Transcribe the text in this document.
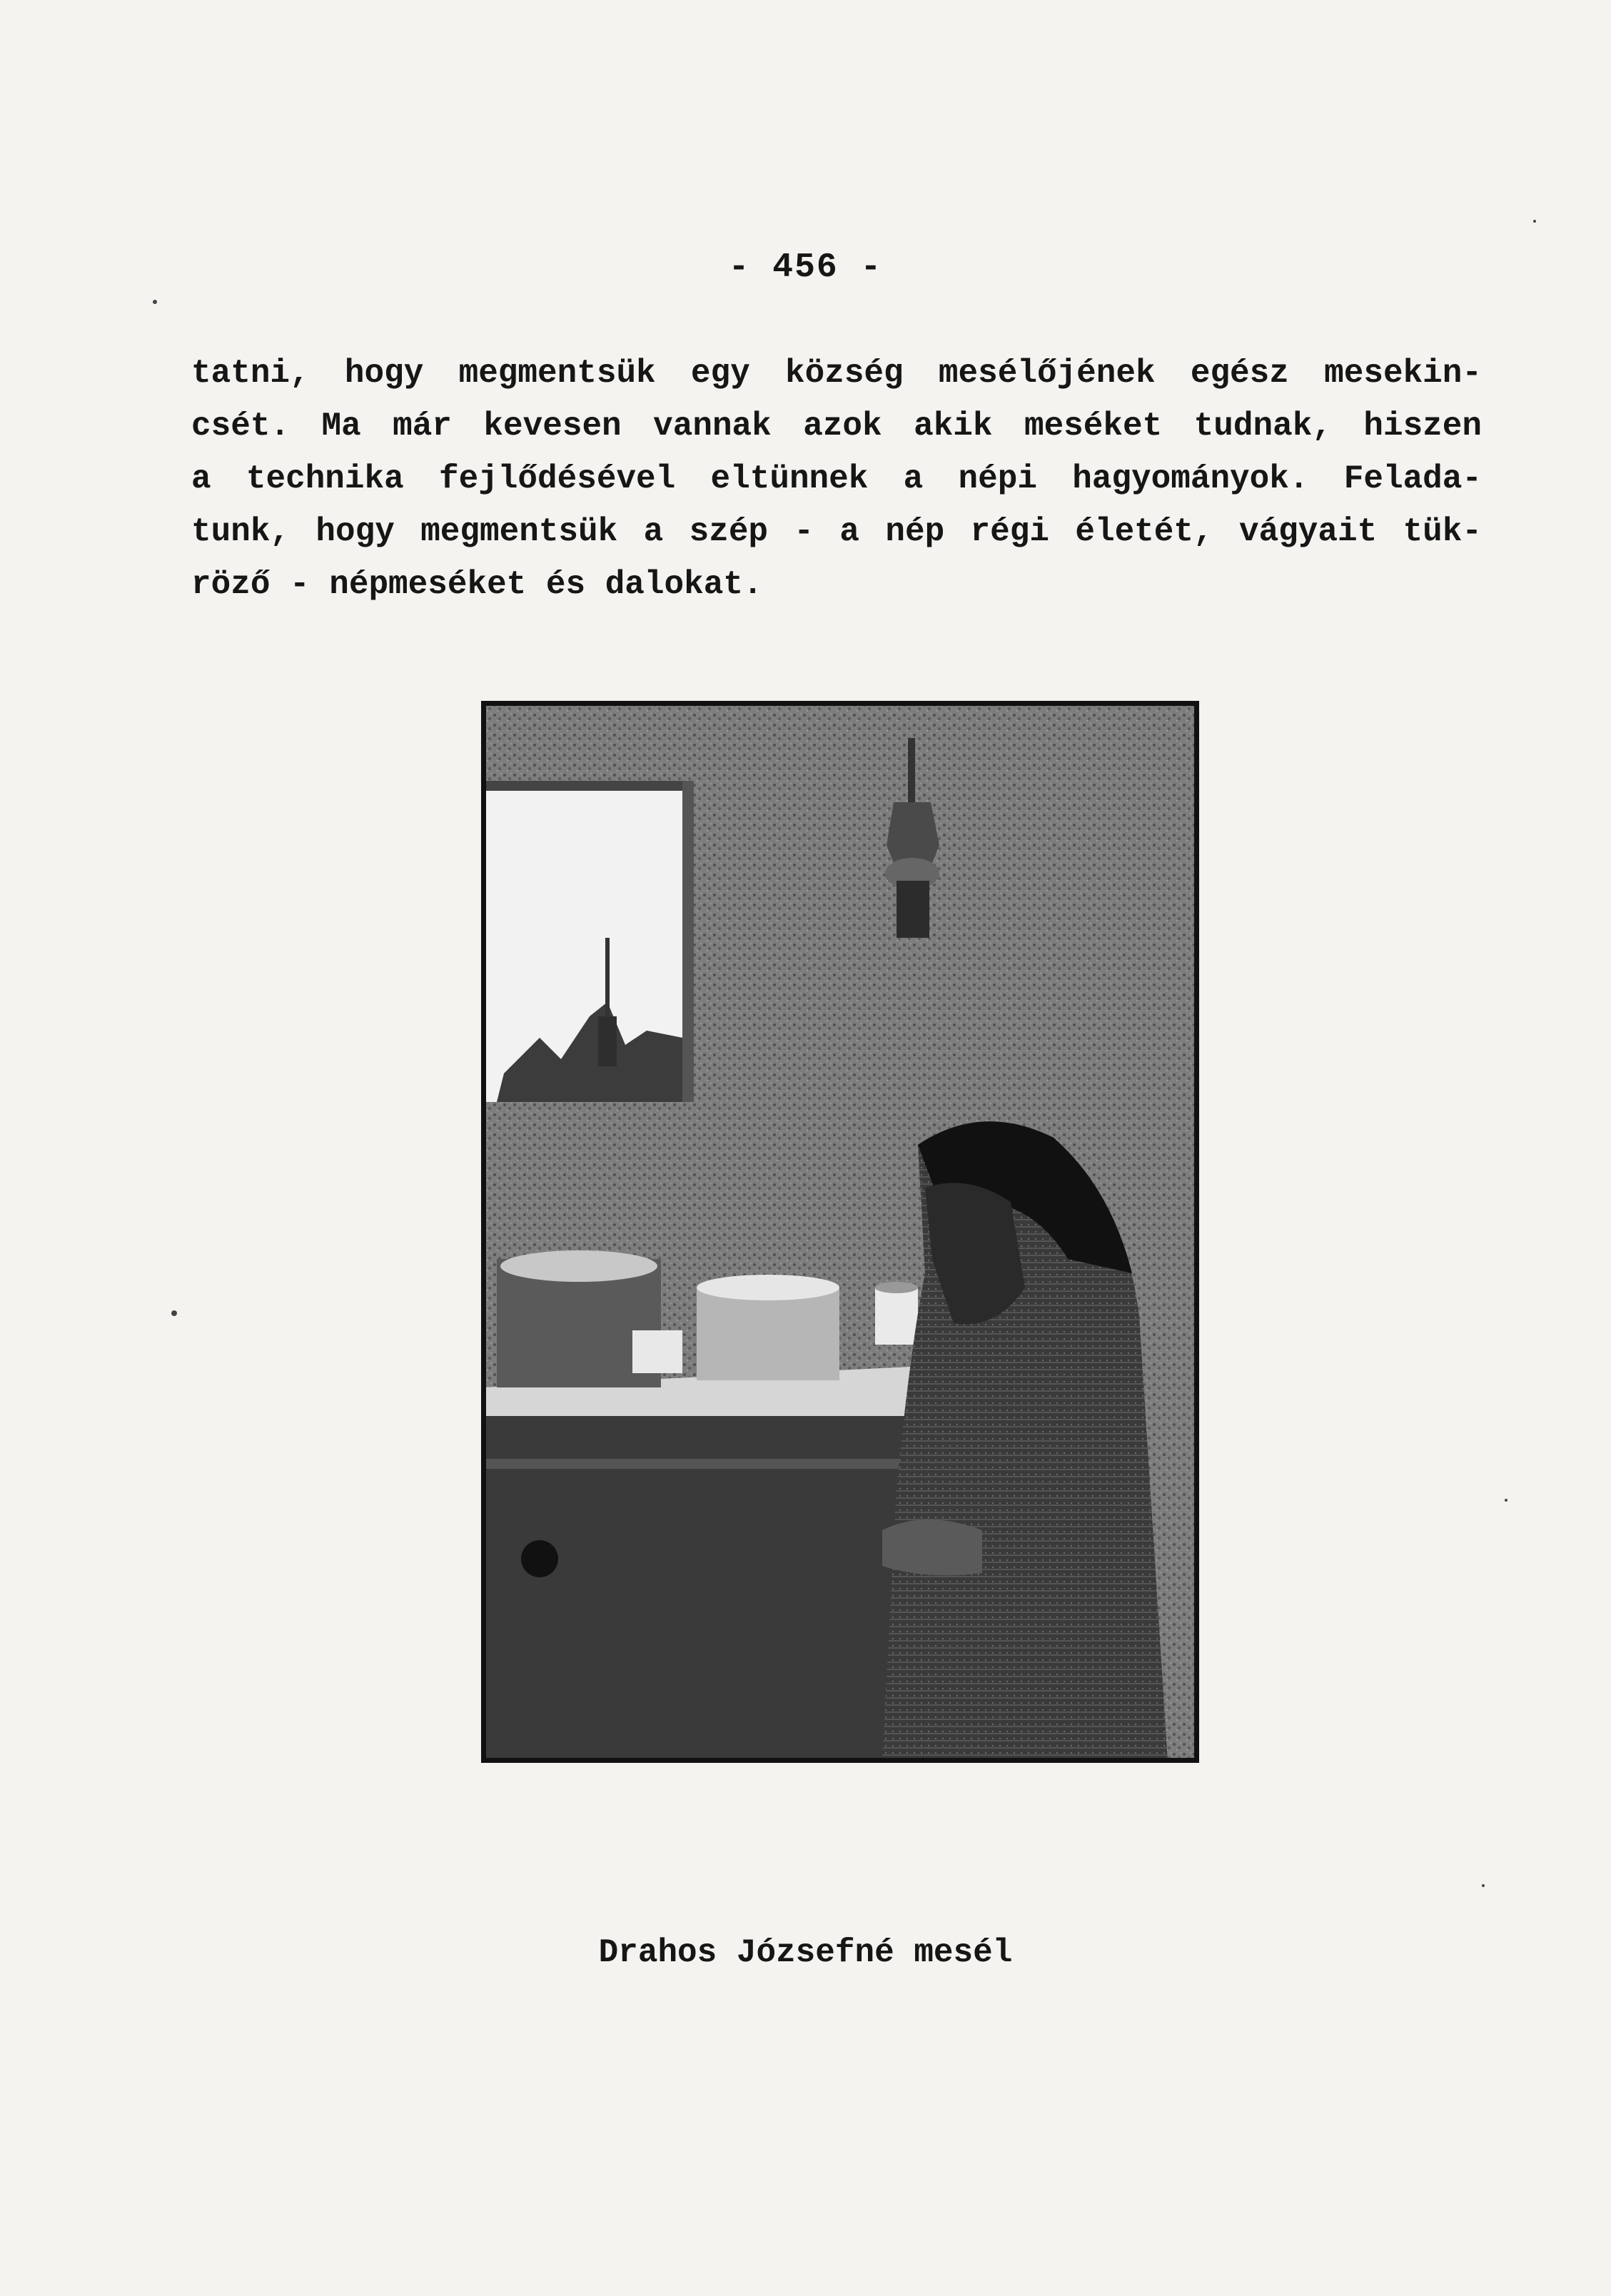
- 456 -
tatni, hogy megmentsük egy község mesélőjének egész mesekin-
csét. Ma már kevesen vannak azok akik meséket tudnak, hiszen
a technika fejlődésével eltünnek a népi hagyományok. Felada-
tunk, hogy megmentsük a szép - a nép régi életét, vágyait tük-
röző - népmeséket és dalokat.
Drahos Józsefné mesél
